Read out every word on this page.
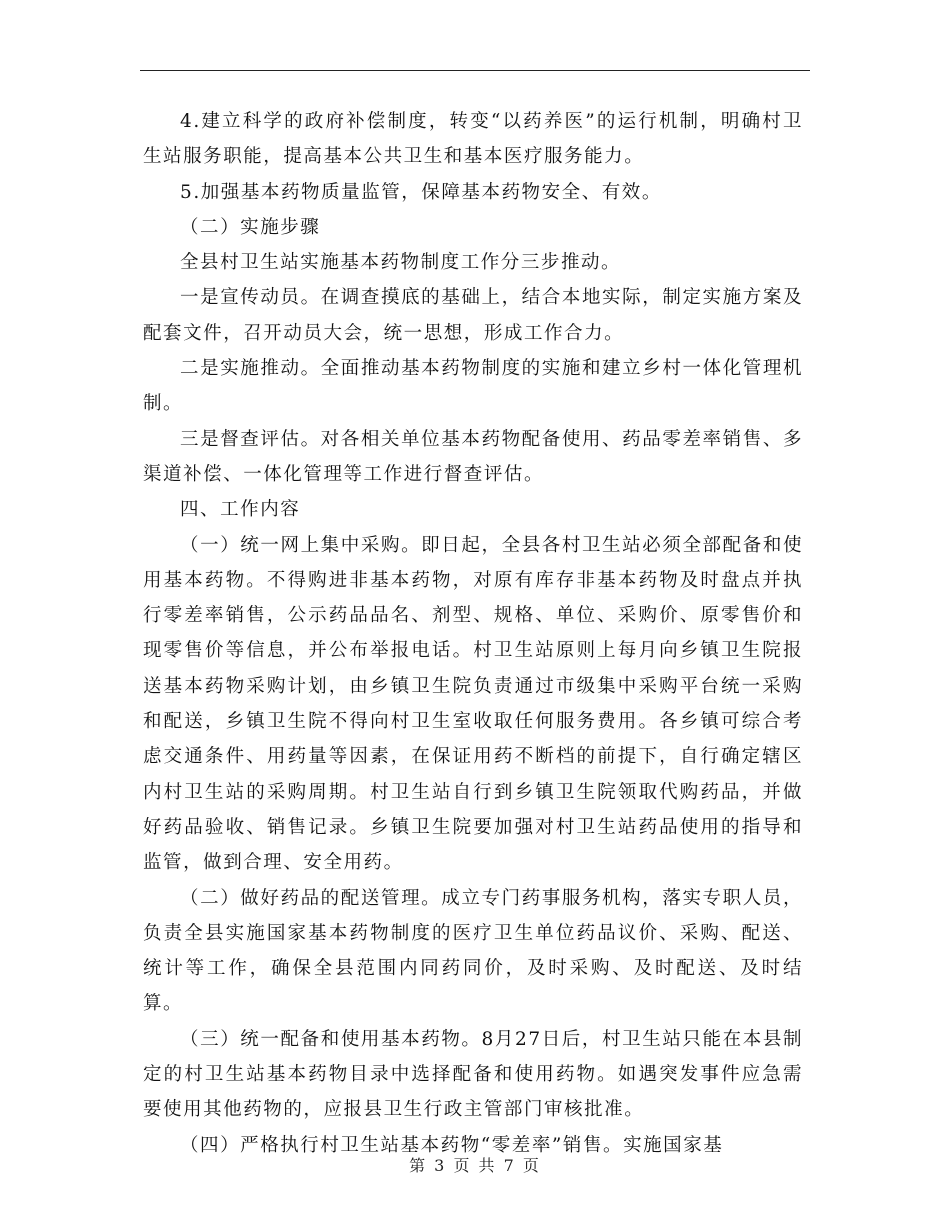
4.建立科学的政府补偿制度，转变“以药养医”的运行机制，明确村卫生站服务职能，提高基本公共卫生和基本医疗服务能力。

5.加强基本药物质量监管，保障基本药物安全、有效。

（二）实施步骤

全县村卫生站实施基本药物制度工作分三步推动。

一是宣传动员。在调查摸底的基础上，结合本地实际，制定实施方案及配套文件，召开动员大会，统一思想，形成工作合力。

二是实施推动。全面推动基本药物制度的实施和建立乡村一体化管理机制。

三是督查评估。对各相关单位基本药物配备使用、药品零差率销售、多渠道补偿、一体化管理等工作进行督查评估。

四、工作内容

（一）统一网上集中采购。即日起，全县各村卫生站必须全部配备和使用基本药物。不得购进非基本药物，对原有库存非基本药物及时盘点并执行零差率销售，公示药品品名、剂型、规格、单位、采购价、原零售价和现零售价等信息，并公布举报电话。村卫生站原则上每月向乡镇卫生院报送基本药物采购计划，由乡镇卫生院负责通过市级集中采购平台统一采购和配送，乡镇卫生院不得向村卫生室收取任何服务费用。各乡镇可综合考虑交通条件、用药量等因素，在保证用药不断档的前提下，自行确定辖区内村卫生站的采购周期。村卫生站自行到乡镇卫生院领取代购药品，并做好药品验收、销售记录。乡镇卫生院要加强对村卫生站药品使用的指导和监管，做到合理、安全用药。

（二）做好药品的配送管理。成立专门药事服务机构，落实专职人员，负责全县实施国家基本药物制度的医疗卫生单位药品议价、采购、配送、统计等工作，确保全县范围内同药同价，及时采购、及时配送、及时结算。

（三）统一配备和使用基本药物。8月27日后，村卫生站只能在本县制定的村卫生站基本药物目录中选择配备和使用药物。如遇突发事件应急需要使用其他药物的，应报县卫生行政主管部门审核批准。

（四）严格执行村卫生站基本药物“零差率”销售。实施国家基

第 3 页 共 7 页
